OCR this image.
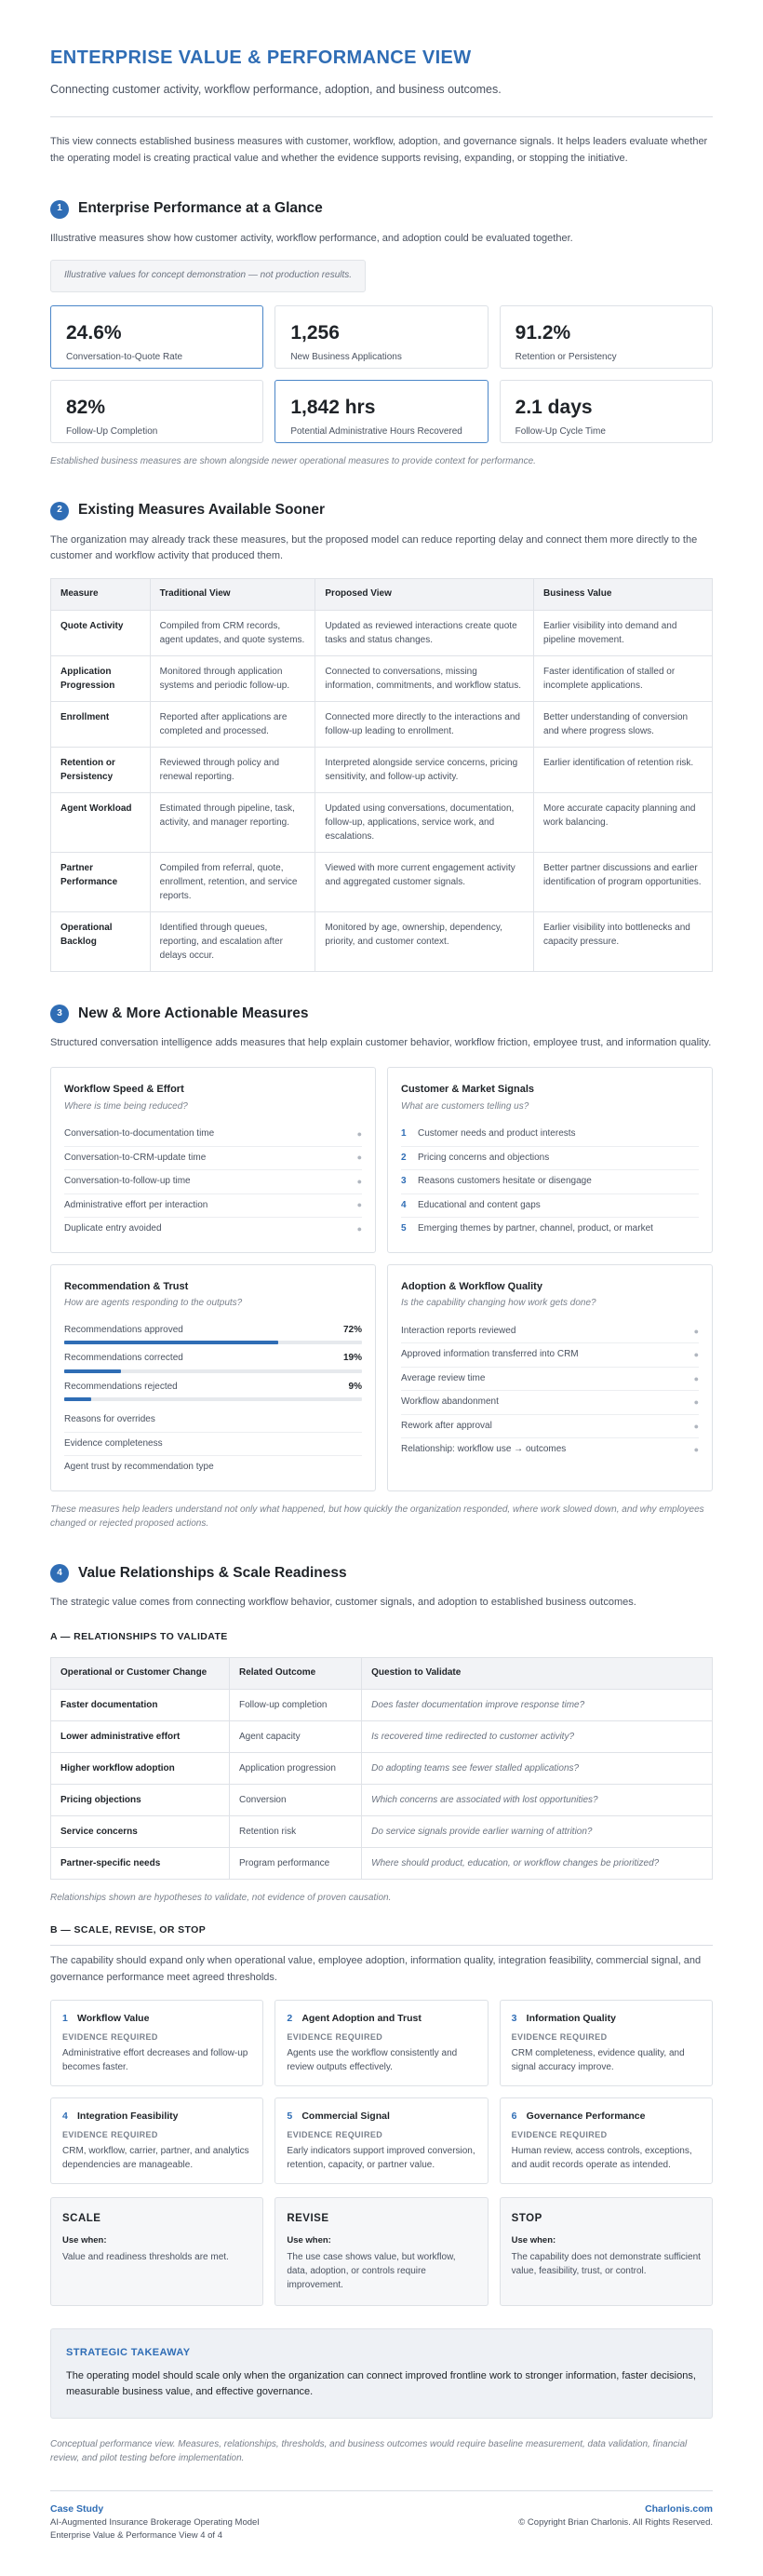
ENTERPRISE VALUE & PERFORMANCE VIEW
Connecting customer activity, workflow performance, adoption, and business outcomes.
This view connects established business measures with customer, workflow, adoption, and governance signals. It helps leaders evaluate whether the operating model is creating practical value and whether the evidence supports revising, expanding, or stopping the initiative.
1	Enterprise Performance at a Glance
Illustrative measures show how customer activity, workflow performance, and adoption could be evaluated together.
Illustrative values for concept demonstration — not production results.
24.6%
Conversation-to-Quote Rate
1,256
New Business Applications
91.2%
Retention or Persistency
82%
Follow-Up Completion
1,842 hrs
Potential Administrative Hours Recovered
2.1 days
Follow-Up Cycle Time
Established business measures are shown alongside newer operational measures to provide context for performance.
2	Existing Measures Available Sooner
The organization may already track these measures, but the proposed model can reduce reporting delay and connect them more directly to the customer and workflow activity that produced them.
Measure	Traditional View	Proposed View	Business Value
Quote Activity	Compiled from CRM records, agent updates, and quote systems.	Updated as reviewed interactions create quote tasks and status changes.	Earlier visibility into demand and pipeline movement.
Application Progression	Monitored through application systems and periodic follow-up.	Connected to conversations, missing information, commitments, and workflow status.	Faster identification of stalled or incomplete applications.
Enrollment	Reported after applications are completed and processed.	Connected more directly to the interactions and follow-up leading to enrollment.	Better understanding of conversion and where progress slows.
Retention or Persistency	Reviewed through policy and renewal reporting.	Interpreted alongside service concerns, pricing sensitivity, and follow-up activity.	Earlier identification of retention risk.
Agent Workload	Estimated through pipeline, task, activity, and manager reporting.	Updated using conversations, documentation, follow-up, applications, service work, and escalations.	More accurate capacity planning and work balancing.
Partner Performance	Compiled from referral, quote, enrollment, retention, and service reports.	Viewed with more current engagement activity and aggregated customer signals.	Better partner discussions and earlier identification of program opportunities.
Operational Backlog	Identified through queues, reporting, and escalation after delays occur.	Monitored by age, ownership, dependency, priority, and customer context.	Earlier visibility into bottlenecks and capacity pressure.
3	New & More Actionable Measures
Structured conversation intelligence adds measures that help explain customer behavior, workflow friction, employee trust, and information quality.
Workflow Speed & Effort
Where is time being reduced?
Conversation-to-documentation time	●
Conversation-to-CRM-update time	●
Conversation-to-follow-up time	●
Administrative effort per interaction	●
Duplicate entry avoided	●
Customer & Market Signals
What are customers telling us?
1	Customer needs and product interests
2	Pricing concerns and objections
3	Reasons customers hesitate or disengage
4	Educational and content gaps
5	Emerging themes by partner, channel, product, or market
Recommendation & Trust
How are agents responding to the outputs?
Recommendations approved	72%
Recommendations corrected	19%
Recommendations rejected	9%
Reasons for overrides
Evidence completeness
Agent trust by recommendation type
Adoption & Workflow Quality
Is the capability changing how work gets done?
Interaction reports reviewed	●
Approved information transferred into CRM	●
Average review time	●
Workflow abandonment	●
Rework after approval	●
Relationship: workflow use → outcomes	●
These measures help leaders understand not only what happened, but how quickly the organization responded, where work slowed down, and why employees changed or rejected proposed actions.
4	Value Relationships & Scale Readiness
The strategic value comes from connecting workflow behavior, customer signals, and adoption to established business outcomes.
A — RELATIONSHIPS TO VALIDATE
Operational or Customer Change	Related Outcome	Question to Validate
Faster documentation	Follow-up completion	Does faster documentation improve response time?
Lower administrative effort	Agent capacity	Is recovered time redirected to customer activity?
Higher workflow adoption	Application progression	Do adopting teams see fewer stalled applications?
Pricing objections	Conversion	Which concerns are associated with lost opportunities?
Service concerns	Retention risk	Do service signals provide earlier warning of attrition?
Partner-specific needs	Program performance	Where should product, education, or workflow changes be prioritized?
Relationships shown are hypotheses to validate, not evidence of proven causation.
B — SCALE, REVISE, OR STOP
The capability should expand only when operational value, employee adoption, information quality, integration feasibility, commercial signal, and governance performance meet agreed thresholds.
1 Workflow Value
EVIDENCE REQUIRED
Administrative effort decreases and follow-up becomes faster.
2 Agent Adoption and Trust
EVIDENCE REQUIRED
Agents use the workflow consistently and review outputs effectively.
3 Information Quality
EVIDENCE REQUIRED
CRM completeness, evidence quality, and signal accuracy improve.
4 Integration Feasibility
EVIDENCE REQUIRED
CRM, workflow, carrier, partner, and analytics dependencies are manageable.
5 Commercial Signal
EVIDENCE REQUIRED
Early indicators support improved conversion, retention, capacity, or partner value.
6 Governance Performance
EVIDENCE REQUIRED
Human review, access controls, exceptions, and audit records operate as intended.
SCALE
Use when:
Value and readiness thresholds are met.
REVISE
Use when:
The use case shows value, but workflow, data, adoption, or controls require improvement.
STOP
Use when:
The capability does not demonstrate sufficient value, feasibility, trust, or control.
STRATEGIC TAKEAWAY
The operating model should scale only when the organization can connect improved frontline work to stronger information, faster decisions, measurable business value, and effective governance.
Conceptual performance view. Measures, relationships, thresholds, and business outcomes would require baseline measurement, data validation, financial review, and pilot testing before implementation.
Case Study
AI-Augmented Insurance Brokerage Operating Model
Enterprise Value & Performance View 4 of 4
Charlonis.com
© Copyright Brian Charlonis. All Rights Reserved.
